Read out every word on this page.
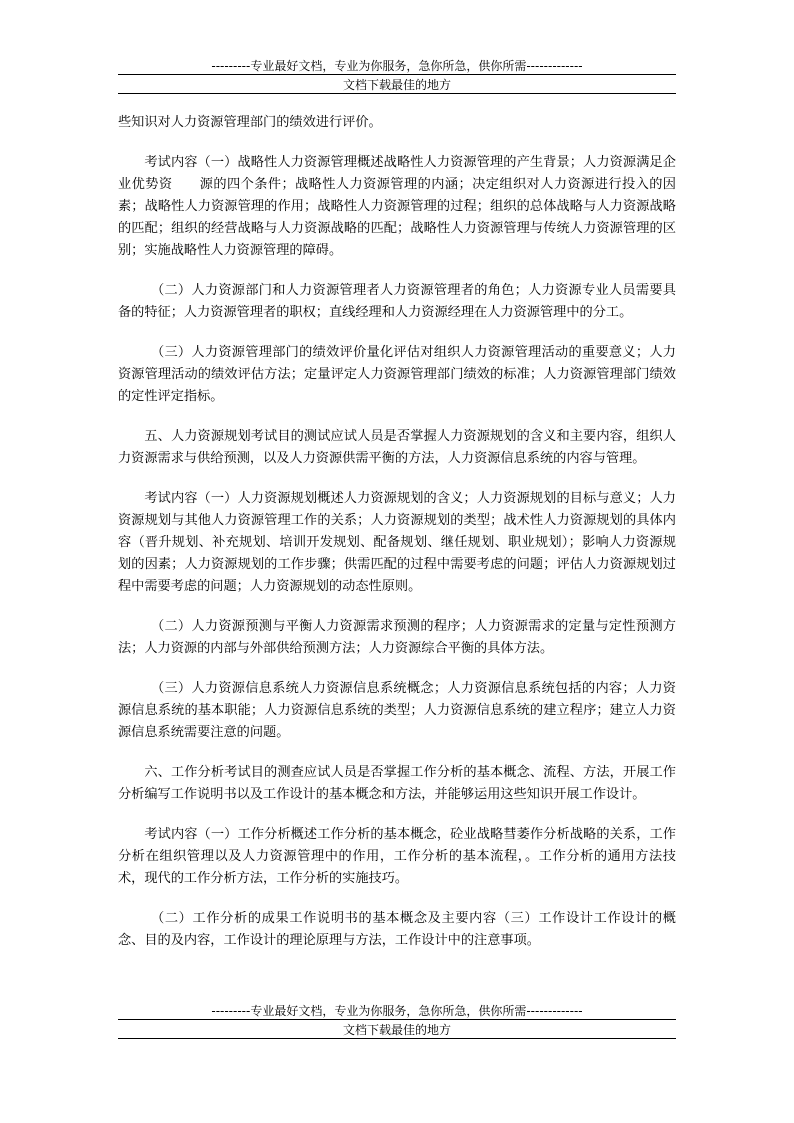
---------专业最好文档，专业为你服务，急你所急，供你所需-------------
文档下载最佳的地方

些知识对人力资源管理部门的绩效进行评价。

考试内容（一）战略性人力资源管理概述战略性人力资源管理的产生背景；人力资源满足企业优势资　　源的四个条件；战略性人力资源管理的内涵；决定组织对人力资源进行投入的因素；战略性人力资源管理的作用；战略性人力资源管理的过程；组织的总体战略与人力资源战略的匹配；组织的经营战略与人力资源战略的匹配；战略性人力资源管理与传统人力资源管理的区别；实施战略性人力资源管理的障碍。

（二）人力资源部门和人力资源管理者人力资源管理者的角色；人力资源专业人员需要具备的特征；人力资源管理者的职权；直线经理和人力资源经理在人力资源管理中的分工。

（三）人力资源管理部门的绩效评价量化评估对组织人力资源管理活动的重要意义；人力资源管理活动的绩效评估方法；定量评定人力资源管理部门绩效的标准；人力资源管理部门绩效的定性评定指标。

五、人力资源规划考试目的测试应试人员是否掌握人力资源规划的含义和主要内容，组织人力资源需求与供给预测，以及人力资源供需平衡的方法，人力资源信息系统的内容与管理。

考试内容（一）人力资源规划概述人力资源规划的含义；人力资源规划的目标与意义；人力资源规划与其他人力资源管理工作的关系；人力资源规划的类型；战术性人力资源规划的具体内容（晋升规划、补充规划、培训开发规划、配备规划、继任规划、职业规划）；影响人力资源规划的因素；人力资源规划的工作步骤；供需匹配的过程中需要考虑的问题；评估人力资源规划过程中需要考虑的问题；人力资源规划的动态性原则。

（二）人力资源预测与平衡人力资源需求预测的程序；人力资源需求的定量与定性预测方法；人力资源的内部与外部供给预测方法；人力资源综合平衡的具体方法。

（三）人力资源信息系统人力资源信息系统概念；人力资源信息系统包括的内容；人力资源信息系统的基本职能；人力资源信息系统的类型；人力资源信息系统的建立程序；建立人力资源信息系统需要注意的问题。

六、工作分析考试目的测查应试人员是否掌握工作分析的基本概念、流程、方法，开展工作分析编写工作说明书以及工作设计的基本概念和方法，并能够运用这些知识开展工作设计。

考试内容（一）工作分析概述工作分析的基本概念，砼业战略彗萎作分析战略的关系，工作分析在组织管理以及人力资源管理中的作用，工作分析的基本流程，。工作分析的通用方法技术，现代的工作分析方法，工作分析的实施技巧。

（二）工作分析的成果工作说明书的基本概念及主要内容（三）工作设计工作设计的概念、目的及内容，工作设计的理论原理与方法，工作设计中的注意事项。

---------专业最好文档，专业为你服务，急你所急，供你所需-------------
文档下载最佳的地方
